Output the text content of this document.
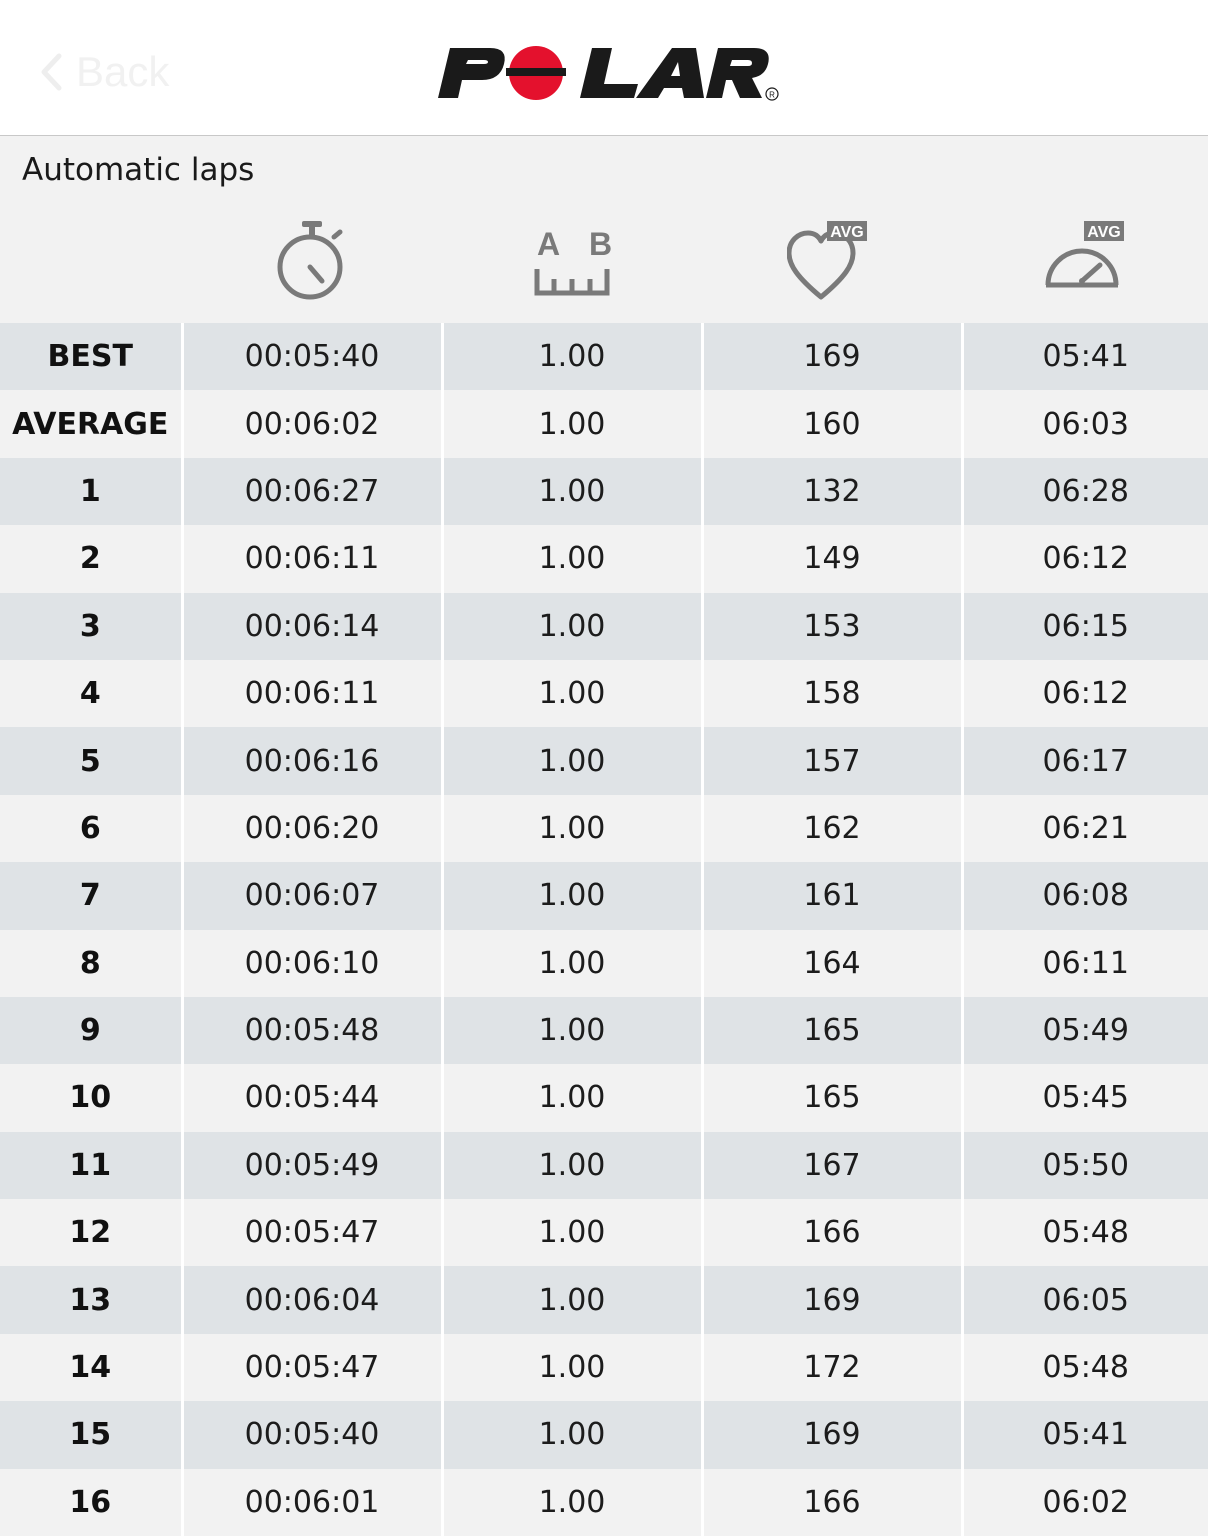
Back	R
Automatic laps
A B	AVG	AVG
BEST	00:05:40	1.00	169	05:41
AVERAGE	00:06:02	1.00	160	06:03
1	00:06:27	1.00	132	06:28
2	00:06:11	1.00	149	06:12
3	00:06:14	1.00	153	06:15
4	00:06:11	1.00	158	06:12
5	00:06:16	1.00	157	06:17
6	00:06:20	1.00	162	06:21
7	00:06:07	1.00	161	06:08
8	00:06:10	1.00	164	06:11
9	00:05:48	1.00	165	05:49
10	00:05:44	1.00	165	05:45
11	00:05:49	1.00	167	05:50
12	00:05:47	1.00	166	05:48
13	00:06:04	1.00	169	06:05
14	00:05:47	1.00	172	05:48
15	00:05:40	1.00	169	05:41
16	00:06:01	1.00	166	06:02
